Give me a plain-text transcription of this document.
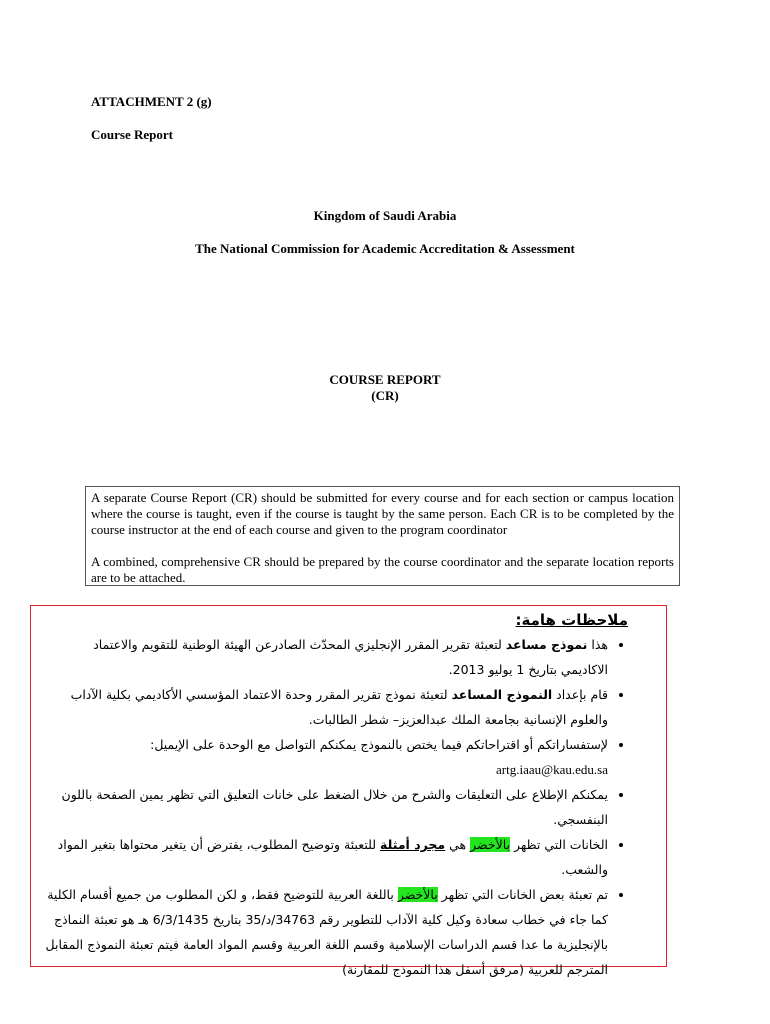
ATTACHMENT 2 (g)
Course Report
Kingdom of Saudi Arabia
The National Commission for Academic Accreditation & Assessment
COURSE REPORT
(CR)

A separate Course Report (CR) should be submitted for every course and for each section or campus location where the course is taught, even if the course is taught by the same person. Each CR is to be completed by the course instructor at the end of each course and given to the program coordinator

A combined, comprehensive CR should be prepared by the course coordinator and the separate location reports are to be attached.

ملاحظات هامة:
• هذا نموذج مساعد لتعبئة تقرير المقرر الإنجليزي المحدّث الصادرعن الهيئة الوطنية للتقويم والاعتماد الاكاديمي بتاريخ 1 يوليو 2013.
• قام بإعداد النموذج المساعد لتعبئة نموذج تقرير المقرر وحدة الاعتماد المؤسسي الأكاديمي بكلية الآداب والعلوم الإنسانية بجامعة الملك عبدالعزيز– شطر الطالبات.
• لإستفساراتكم أو اقتراحاتكم فيما يختص بالنموذج يمكنكم التواصل مع الوحدة على الإيميل:
artg.iaau@kau.edu.sa
• يمكنكم الإطلاع على التعليقات والشرح من خلال الضغط على خانات التعليق التي تظهر يمين الصفحة باللون البنفسجي.
• الخانات التي تظهر بالأخضر هي مجرد أمثلة للتعبئة وتوضيح المطلوب، يفترض أن يتغير محتواها بتغير المواد والشعب.
• تم تعبئة بعض الخانات التي تظهر بالأخضر باللغة العربية للتوضيح فقط، و لكن المطلوب من جميع أقسام الكلية كما جاء في خطاب سعادة وكيل كلية الآداب للتطوير رقم 34763/د/35 بتاريخ 6/3/1435 هـ هو تعبئة النماذج بالإنجليزية ما عدا قسم الدراسات الإسلامية وقسم اللغة العربية وقسم المواد العامة فيتم تعبئة النموذج المقابل المترجم للعربية (مرفق أسفل هذا النموذج للمقارنة)
